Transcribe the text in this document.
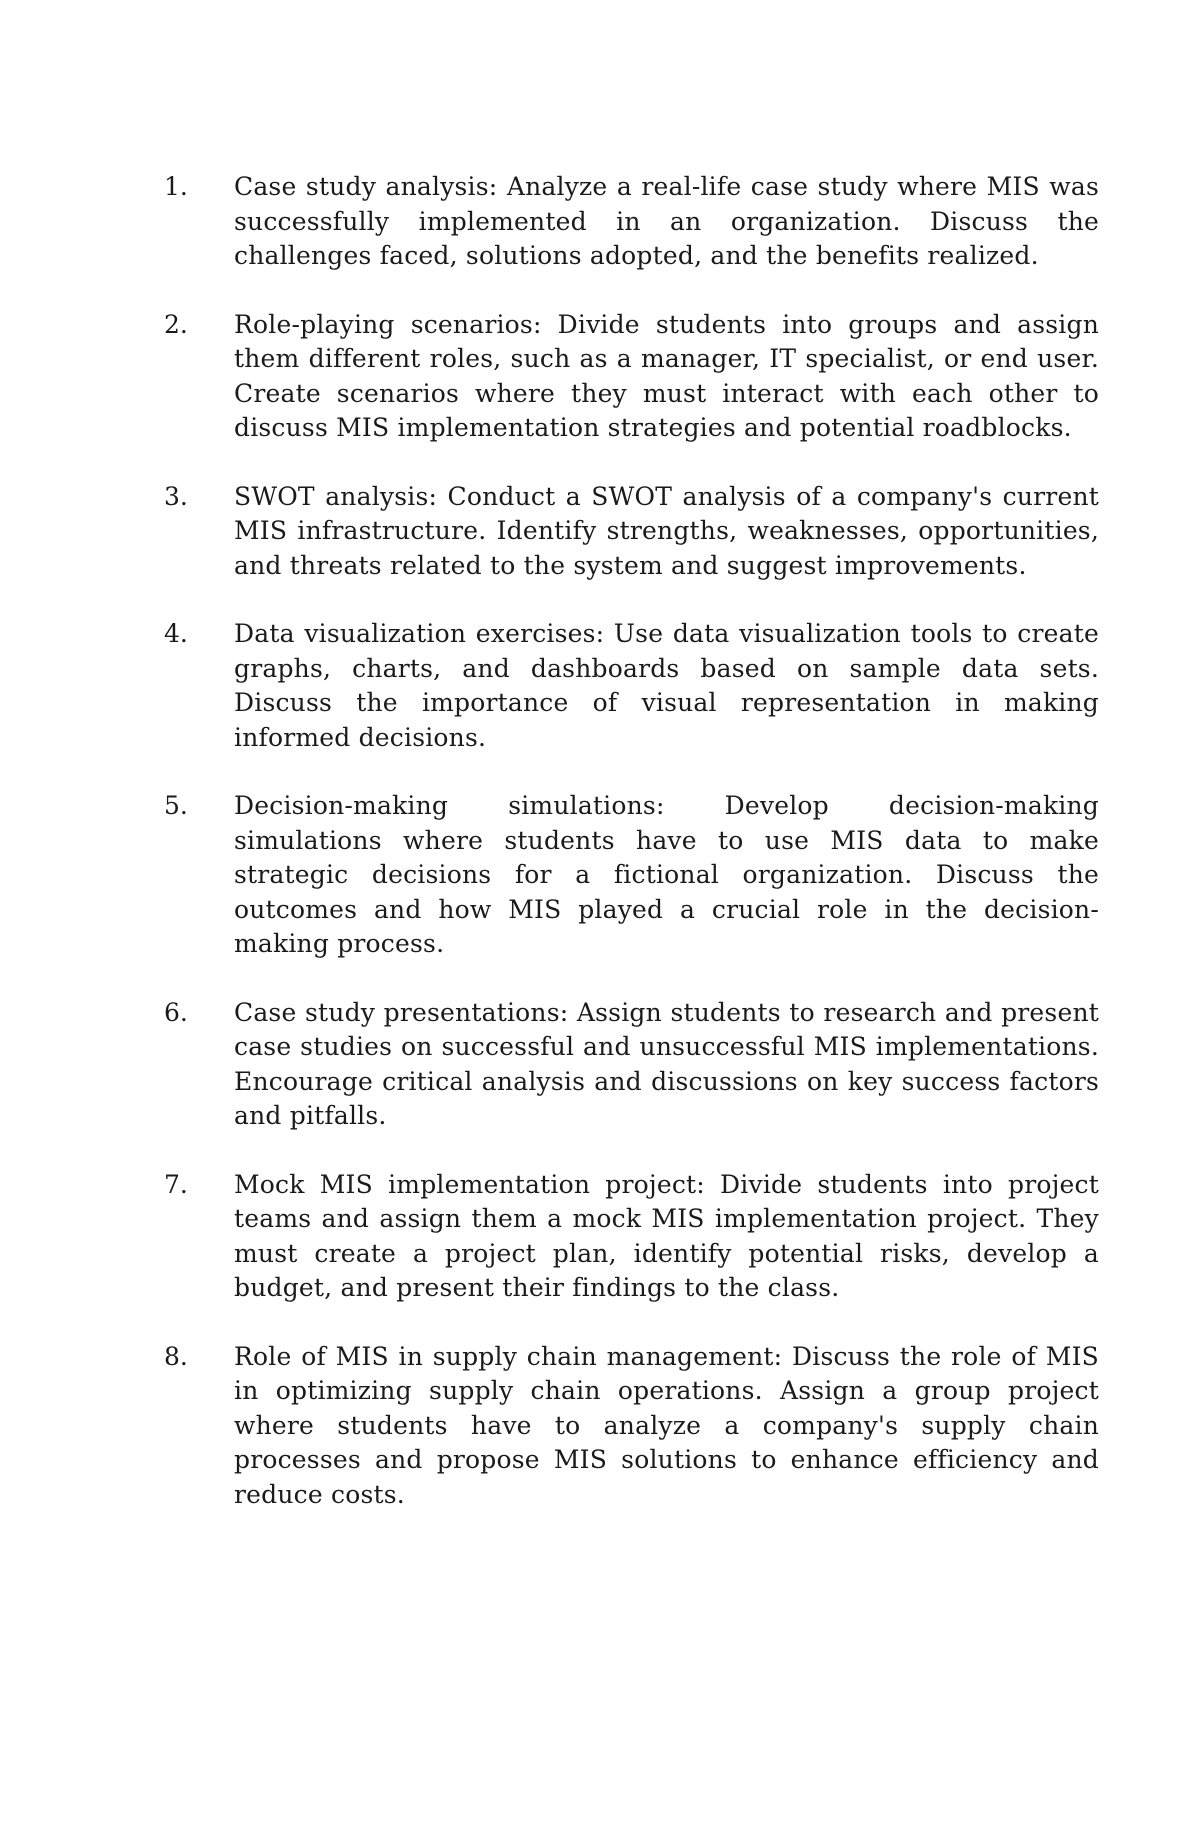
1.	Case study analysis: Analyze a real-life case study where MIS was successfully implemented in an organization. Discuss the challenges faced, solutions adopted, and the benefits realized.
2.	Role-playing scenarios: Divide students into groups and assign them different roles, such as a manager, IT specialist, or end user. Create scenarios where they must interact with each other to discuss MIS implementation strategies and potential roadblocks.
3.	SWOT analysis: Conduct a SWOT analysis of a company's current MIS infrastructure. Identify strengths, weaknesses, opportunities, and threats related to the system and suggest improvements.
4.	Data visualization exercises: Use data visualization tools to create graphs, charts, and dashboards based on sample data sets. Discuss the importance of visual representation in making informed decisions.
5.	Decision-making simulations: Develop decision-making simulations where students have to use MIS data to make strategic decisions for a fictional organization. Discuss the outcomes and how MIS played a crucial role in the decision-making process.
6.	Case study presentations: Assign students to research and present case studies on successful and unsuccessful MIS implementations. Encourage critical analysis and discussions on key success factors and pitfalls.
7.	Mock MIS implementation project: Divide students into project teams and assign them a mock MIS implementation project. They must create a project plan, identify potential risks, develop a budget, and present their findings to the class.
8.	Role of MIS in supply chain management: Discuss the role of MIS in optimizing supply chain operations. Assign a group project where students have to analyze a company's supply chain processes and propose MIS solutions to enhance efficiency and reduce costs.
